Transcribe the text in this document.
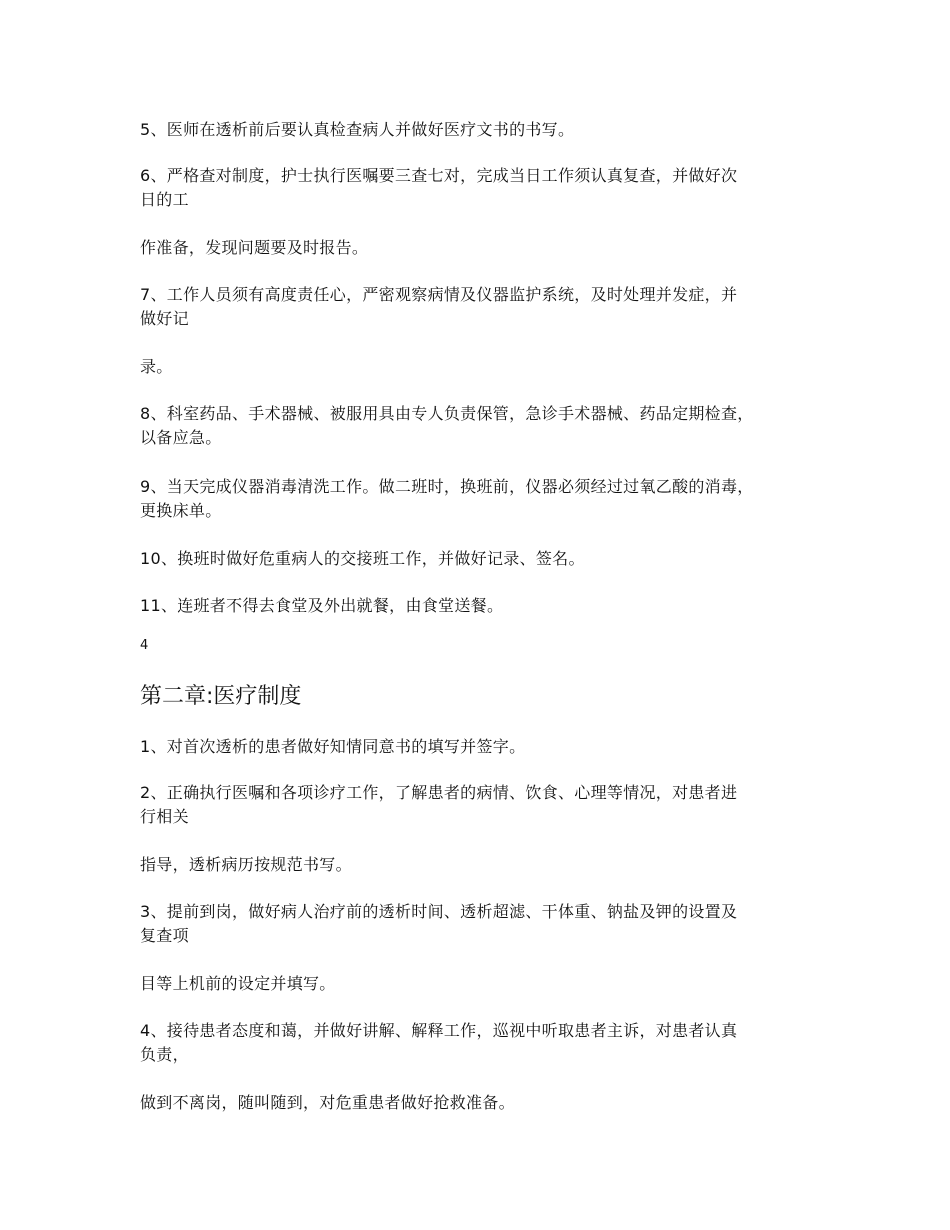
5、医师在透析前后要认真检查病人并做好医疗文书的书写。
6、严格查对制度，护士执行医嘱要三查七对，完成当日工作须认真复查，并做好次
日的工
作准备，发现问题要及时报告。
7、工作人员须有高度责任心，严密观察病情及仪器监护系统，及时处理并发症，并
做好记
录。
8、科室药品、手术器械、被服用具由专人负责保管，急诊手术器械、药品定期检查，
以备应急。
9、当天完成仪器消毒清洗工作。做二班时，换班前，仪器必须经过过氧乙酸的消毒，
更换床单。
10、换班时做好危重病人的交接班工作，并做好记录、签名。
11、连班者不得去食堂及外出就餐，由食堂送餐。
4
第二章:医疗制度
1、对首次透析的患者做好知情同意书的填写并签字。
2、正确执行医嘱和各项诊疗工作，了解患者的病情、饮食、心理等情况，对患者进
行相关
指导，透析病历按规范书写。
3、提前到岗，做好病人治疗前的透析时间、透析超滤、干体重、钠盐及钾的设置及
复查项
目等上机前的设定并填写。
4、接待患者态度和蔼，并做好讲解、解释工作，巡视中听取患者主诉，对患者认真
负责，
做到不离岗，随叫随到，对危重患者做好抢救准备。
